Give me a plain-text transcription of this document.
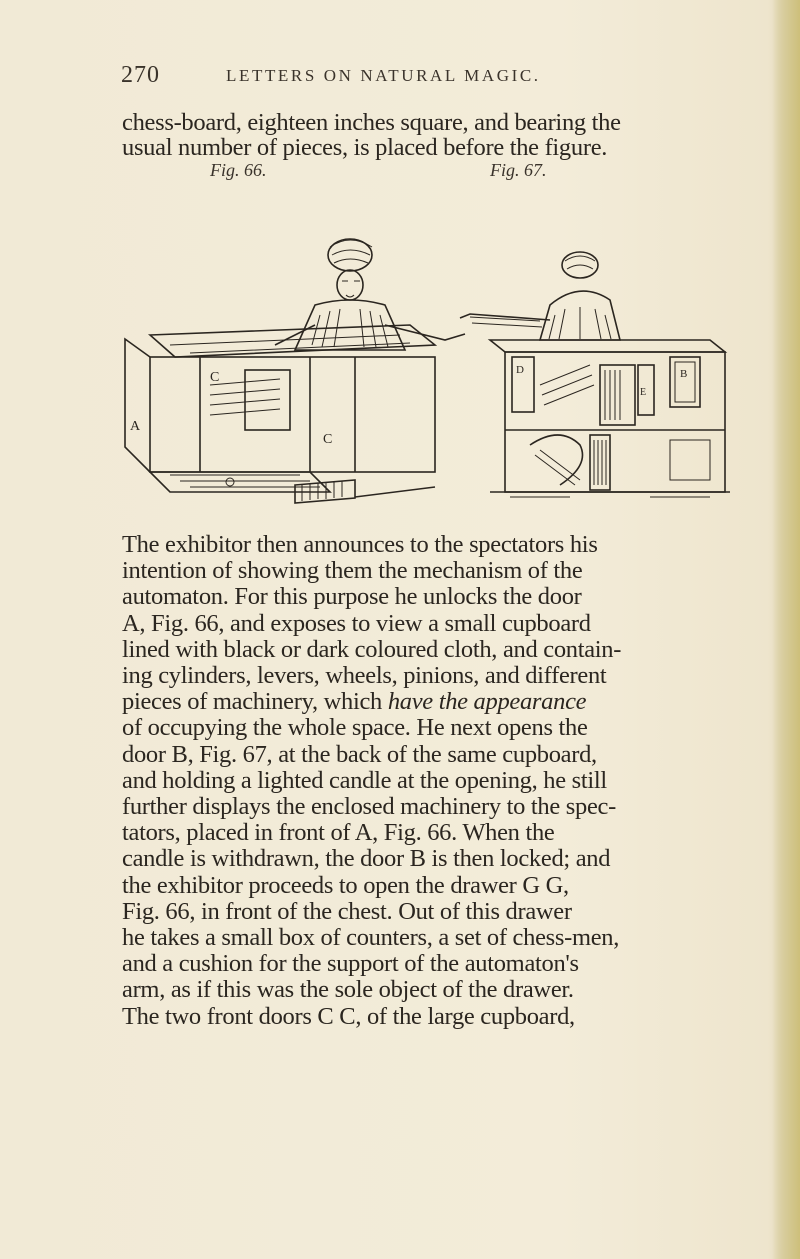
270	LETTERS ON NATURAL MAGIC.
chess-board, eighteen inches square, and bearing the
usual number of pieces, is placed before the figure.
Fig. 66.	Fig. 67.
A
C
C
D
E
B
The exhibitor then announces to the spectators his
intention of showing them the mechanism of the
automaton. For this purpose he unlocks the door
A, Fig. 66, and exposes to view a small cupboard
lined with black or dark coloured cloth, and contain-
ing cylinders, levers, wheels, pinions, and different
pieces of machinery, which have the appearance
of occupying the whole space. He next opens the
door B, Fig. 67, at the back of the same cupboard,
and holding a lighted candle at the opening, he still
further displays the enclosed machinery to the spec-
tators, placed in front of A, Fig. 66. When the
candle is withdrawn, the door B is then locked; and
the exhibitor proceeds to open the drawer G G,
Fig. 66, in front of the chest. Out of this drawer
he takes a small box of counters, a set of chess-men,
and a cushion for the support of the automaton's
arm, as if this was the sole object of the drawer.
The two front doors C C, of the large cupboard,
